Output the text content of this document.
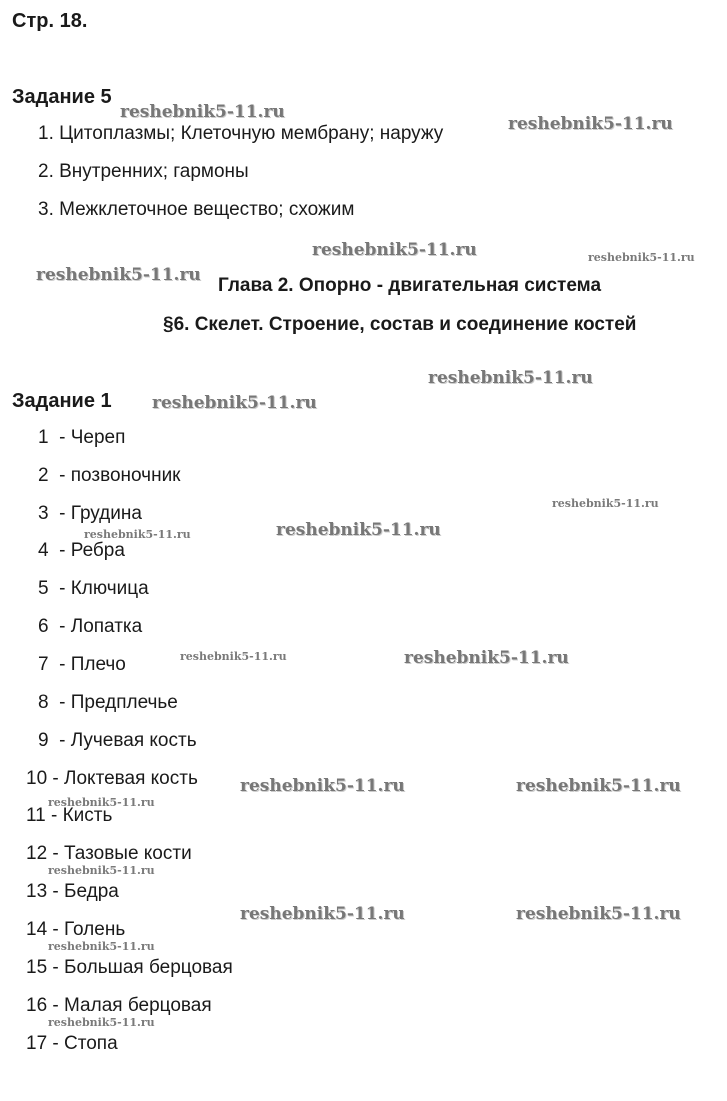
Стр. 18.
Задание 5
1. Цитоплазмы; Клеточную мембрану; наружу
2. Внутренних; гармоны
3. Межклеточное вещество; схожим
Глава 2. Опорно - двигательная система
§6. Скелет. Строение, состав и соединение костей
Задание 1
1  - Череп
2  - позвоночник
3  - Грудина
4  - Ребра
5  - Ключица
6  - Лопатка
7  - Плечо
8  - Предплечье
9  - Лучевая кость
10 - Локтевая кость
11 - Кисть
12 - Тазовые кости
13 - Бедра
14 - Голень
15 - Большая берцовая
16 - Малая берцовая
17 - Стопа
reshebnik5-11.ru
reshebnik5-11.ru
reshebnik5-11.ru	reshebnik5-11.ru
reshebnik5-11.ru
reshebnik5-11.ru
reshebnik5-11.ru
reshebnik5-11.ru
reshebnik5-11.ru	reshebnik5-11.ru
reshebnik5-11.ru	reshebnik5-11.ru
reshebnik5-11.ru	reshebnik5-11.ru
reshebnik5-11.ru
reshebnik5-11.ru
reshebnik5-11.ru	reshebnik5-11.ru
reshebnik5-11.ru
reshebnik5-11.ru
